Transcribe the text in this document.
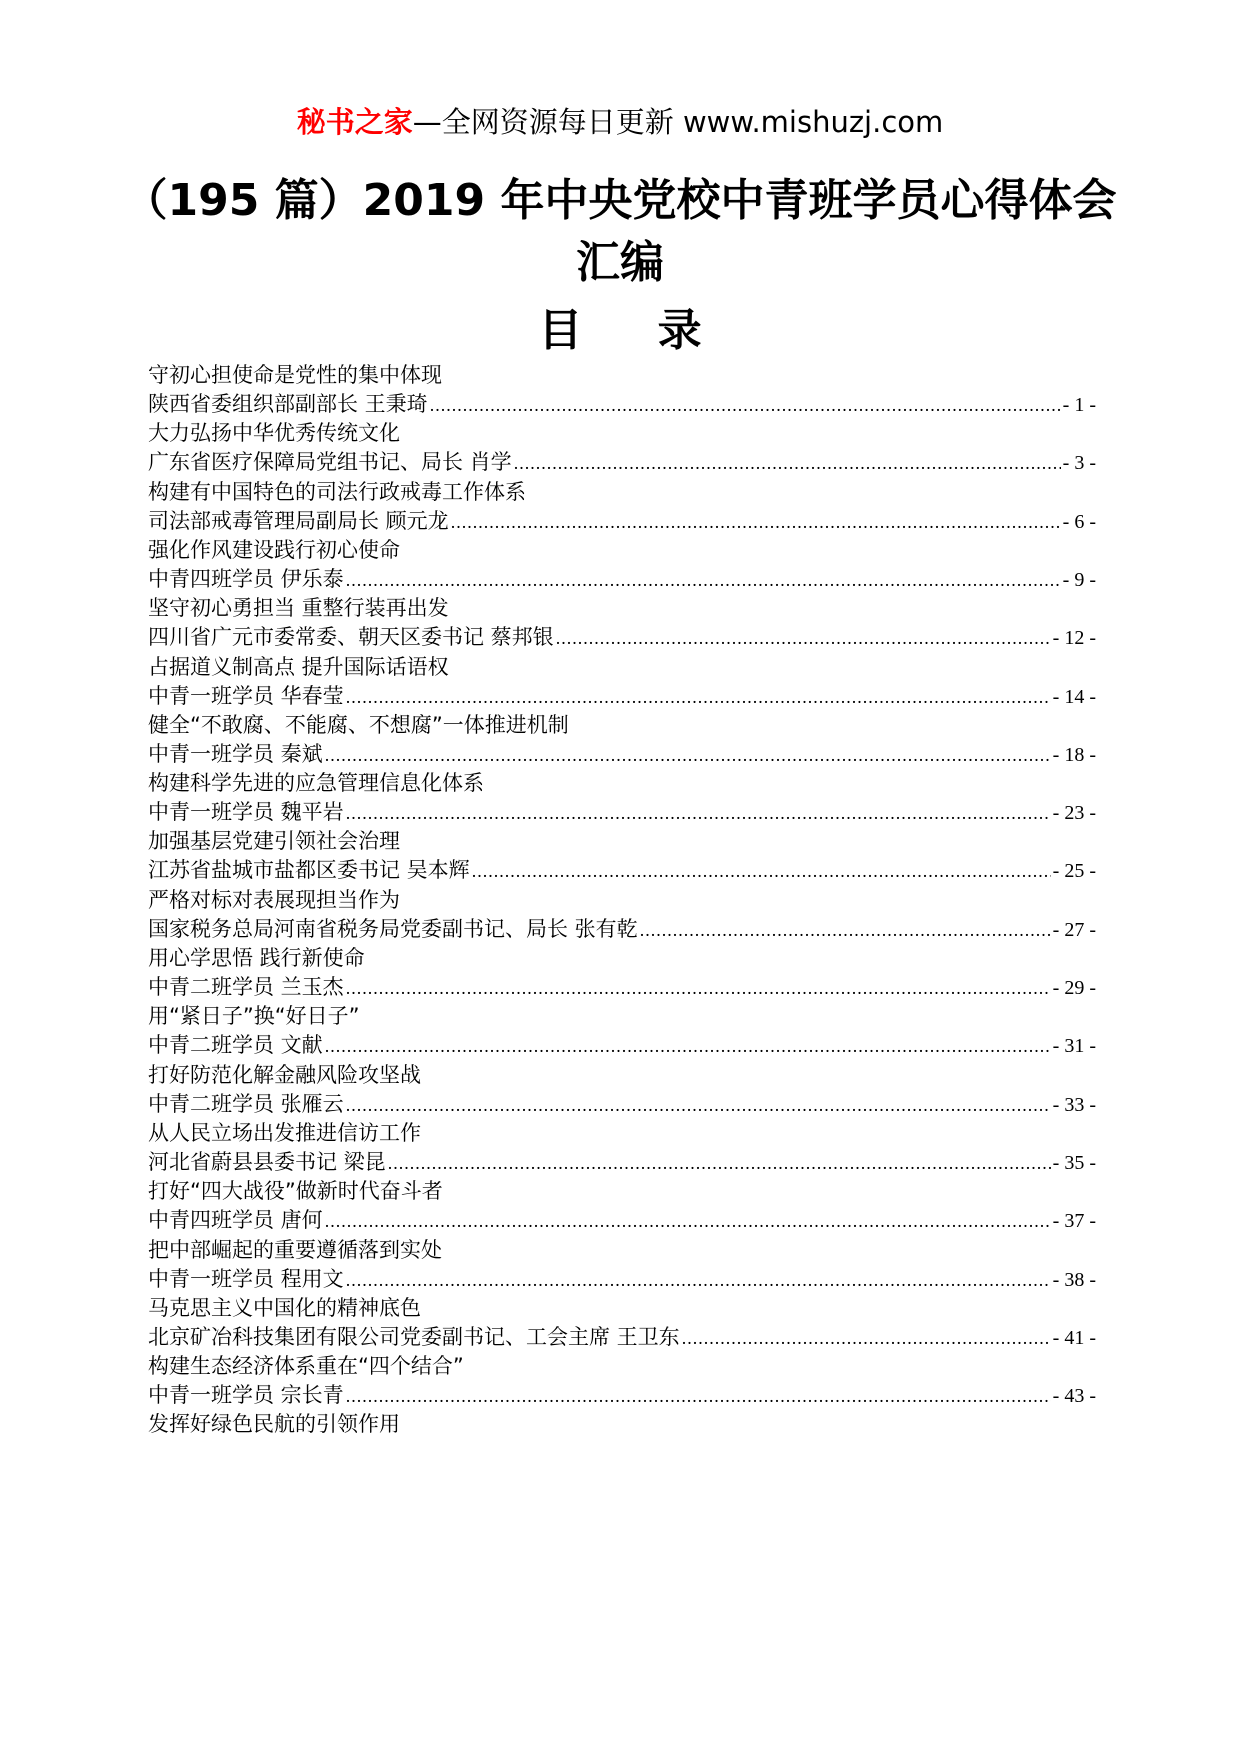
秘书之家—全网资源每日更新 www.mishuzj.com
（195 篇）2019 年中央党校中青班学员心得体会汇编
目 录
守初心担使命是党性的集中体现
陕西省委组织部副部长 王秉琦 .....	- 1 -
大力弘扬中华优秀传统文化
广东省医疗保障局党组书记、局长 肖学 .....	- 3 -
构建有中国特色的司法行政戒毒工作体系
司法部戒毒管理局副局长 顾元龙 .....	- 6 -
强化作风建设践行初心使命
中青四班学员 伊乐泰 .....	- 9 -
坚守初心勇担当 重整行装再出发
四川省广元市委常委、朝天区委书记 蔡邦银 .....	- 12 -
占据道义制高点 提升国际话语权
中青一班学员 华春莹 .....	- 14 -
健全“不敢腐、不能腐、不想腐”一体推进机制
中青一班学员 秦斌 .....	- 18 -
构建科学先进的应急管理信息化体系
中青一班学员 魏平岩 .....	- 23 -
加强基层党建引领社会治理
江苏省盐城市盐都区委书记 吴本辉 .....	- 25 -
严格对标对表展现担当作为
国家税务总局河南省税务局党委副书记、局长 张有乾 .....	- 27 -
用心学思悟 践行新使命
中青二班学员 兰玉杰 .....	- 29 -
用“紧日子”换“好日子”
中青二班学员 文献 .....	- 31 -
打好防范化解金融风险攻坚战
中青二班学员 张雁云 .....	- 33 -
从人民立场出发推进信访工作
河北省蔚县县委书记 梁昆 .....	- 35 -
打好“四大战役”做新时代奋斗者
中青四班学员 唐何 .....	- 37 -
把中部崛起的重要遵循落到实处
中青一班学员 程用文 .....	- 38 -
马克思主义中国化的精神底色
北京矿冶科技集团有限公司党委副书记、工会主席 王卫东 .....	- 41 -
构建生态经济体系重在“四个结合”
中青一班学员 宗长青 .....	- 43 -
发挥好绿色民航的引领作用
